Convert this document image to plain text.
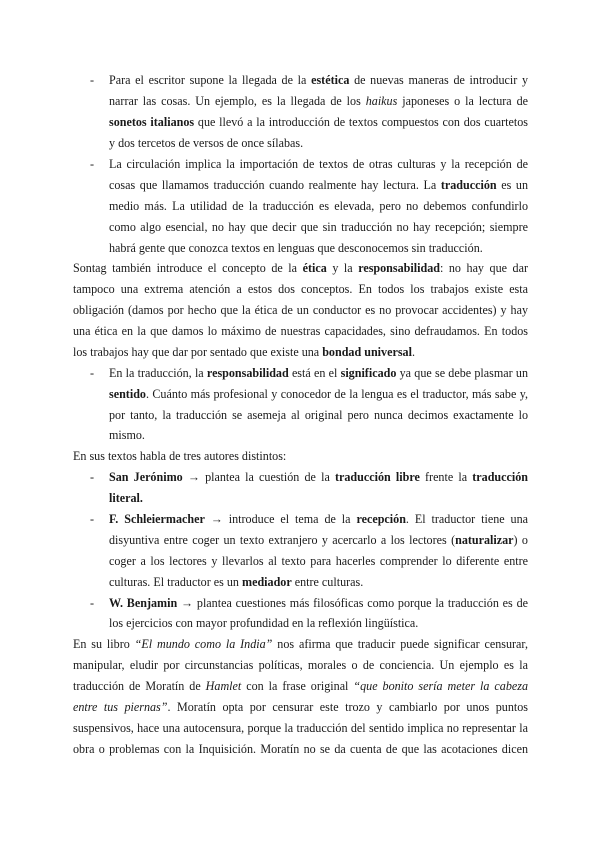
-
-
-
-
-
-
Para el escritor supone la llegada de la estética de nuevas maneras de introducir y
narrar las cosas. Un ejemplo, es la llegada de los haikus japoneses o la lectura de
sonetos italianos que llevó a la introducción de textos compuestos con dos cuartetos
y dos tercetos de versos de once sílabas.
La circulación implica la importación de textos de otras culturas y la recepción de
cosas que llamamos traducción cuando realmente hay lectura. La traducción es un
medio más. La utilidad de la traducción es elevada, pero no debemos confundirlo
como algo esencial, no hay que decir que sin traducción no hay recepción; siempre
habrá gente que conozca textos en lenguas que desconocemos sin traducción.
Sontag también introduce el concepto de la ética y la responsabilidad: no hay que dar
tampoco una extrema atención a estos dos conceptos. En todos los trabajos existe esta
obligación (damos por hecho que la ética de un conductor es no provocar accidentes) y hay
una ética en la que damos lo máximo de nuestras capacidades, sino defraudamos. En todos
los trabajos hay que dar por sentado que existe una bondad universal.
En la traducción, la responsabilidad está en el significado ya que se debe plasmar un
sentido. Cuánto más profesional y conocedor de la lengua es el traductor, más sabe y,
por tanto, la traducción se asemeja al original pero nunca decimos exactamente lo
mismo.
En sus textos habla de tres autores distintos:
San Jerónimo → plantea la cuestión de la traducción libre frente la traducción
literal.
F. Schleiermacher → introduce el tema de la recepción. El traductor tiene una
disyuntiva entre coger un texto extranjero y acercarlo a los lectores (naturalizar) o
coger a los lectores y llevarlos al texto para hacerles comprender lo diferente entre
culturas. El traductor es un mediador entre culturas.
W. Benjamin → plantea cuestiones más filosóficas como porque la traducción es de
los ejercicios con mayor profundidad en la reflexión lingüística.
En su libro “El mundo como la India” nos afirma que traducir puede significar censurar,
manipular, eludir por circunstancias políticas, morales o de conciencia. Un ejemplo es la
traducción de Moratín de Hamlet con la frase original “que bonito sería meter la cabeza
entre tus piernas”. Moratín opta por censurar este trozo y cambiarlo por unos puntos
suspensivos, hace una autocensura, porque la traducción del sentido implica no representar la
obra o problemas con la Inquisición. Moratín no se da cuenta de que las acotaciones dicen
